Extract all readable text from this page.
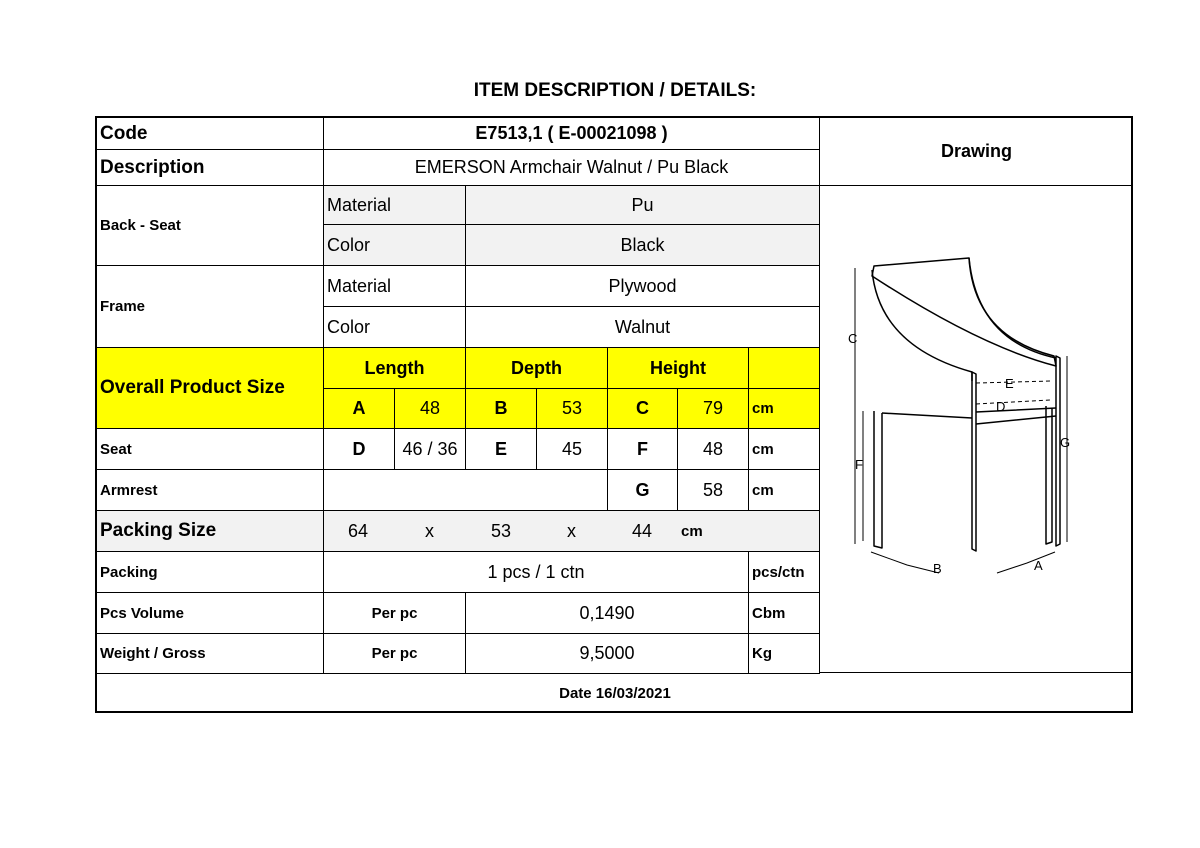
ITEM DESCRIPTION / DETAILS:
Code	E7513,1 ( E-00021098 )
Description	EMERSON Armchair Walnut / Pu Black
Drawing
Back - Seat
Material	Pu
Color	Black
Frame
Material	Plywood
Color	Walnut
Overall Product Size
Length	Depth	Height
A	48	B	53	C	79	cm
Seat	D	46 / 36	E	45	F	48	cm
Armrest	G	58	cm
Packing Size	64	x	53	x	44 cm
Packing	1 pcs / 1 ctn	pcs/ctn
Pcs Volume	Per pc	0,1490	Cbm
Weight / Gross	Per pc	9,5000	Kg
C
E
D
F
G
B	A
Date 16/03/2021
